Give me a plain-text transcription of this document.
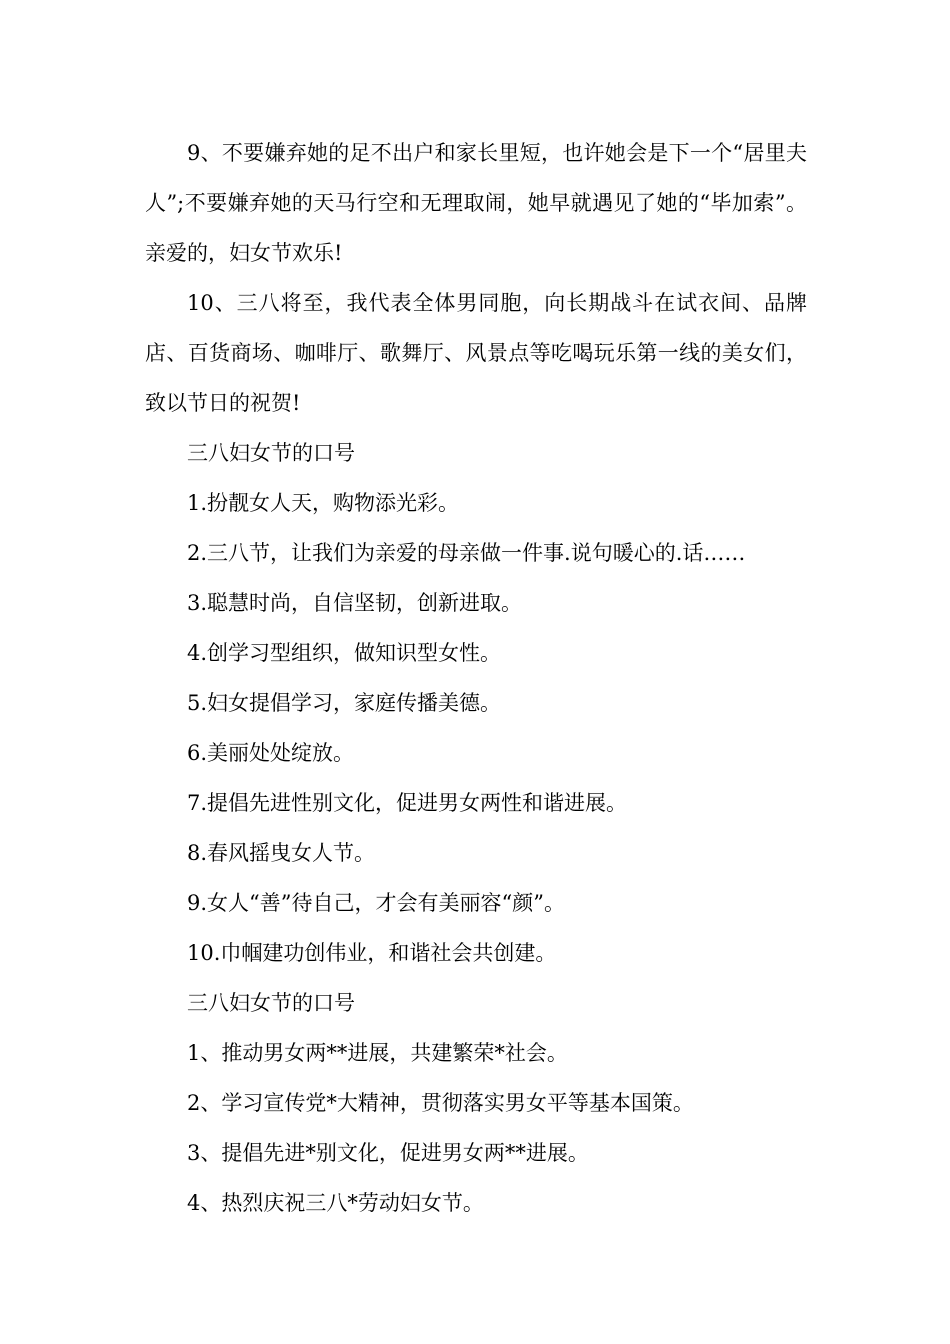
9、不要嫌弃她的足不出户和家长里短，也许她会是下一个“居里夫人”;不要嫌弃她的天马行空和无理取闹，她早就遇见了她的“毕加索”。亲爱的，妇女节欢乐!

10、三八将至，我代表全体男同胞，向长期战斗在试衣间、品牌店、百货商场、咖啡厅、歌舞厅、风景点等吃喝玩乐第一线的美女们，致以节日的祝贺!

三八妇女节的口号

1.扮靓女人天，购物添光彩。

2.三八节，让我们为亲爱的母亲做一件事.说句暖心的.话……

3.聪慧时尚，自信坚韧，创新进取。

4.创学习型组织，做知识型女性。

5.妇女提倡学习，家庭传播美德。

6.美丽处处绽放。

7.提倡先进性别文化，促进男女两性和谐进展。

8.春风摇曳女人节。

9.女人“善”待自己，才会有美丽容“颜”。

10.巾帼建功创伟业，和谐社会共创建。

三八妇女节的口号

1、推动男女两**进展，共建繁荣*社会。

2、学习宣传党*大精神，贯彻落实男女平等基本国策。

3、提倡先进*别文化，促进男女两**进展。

4、热烈庆祝三八*劳动妇女节。
